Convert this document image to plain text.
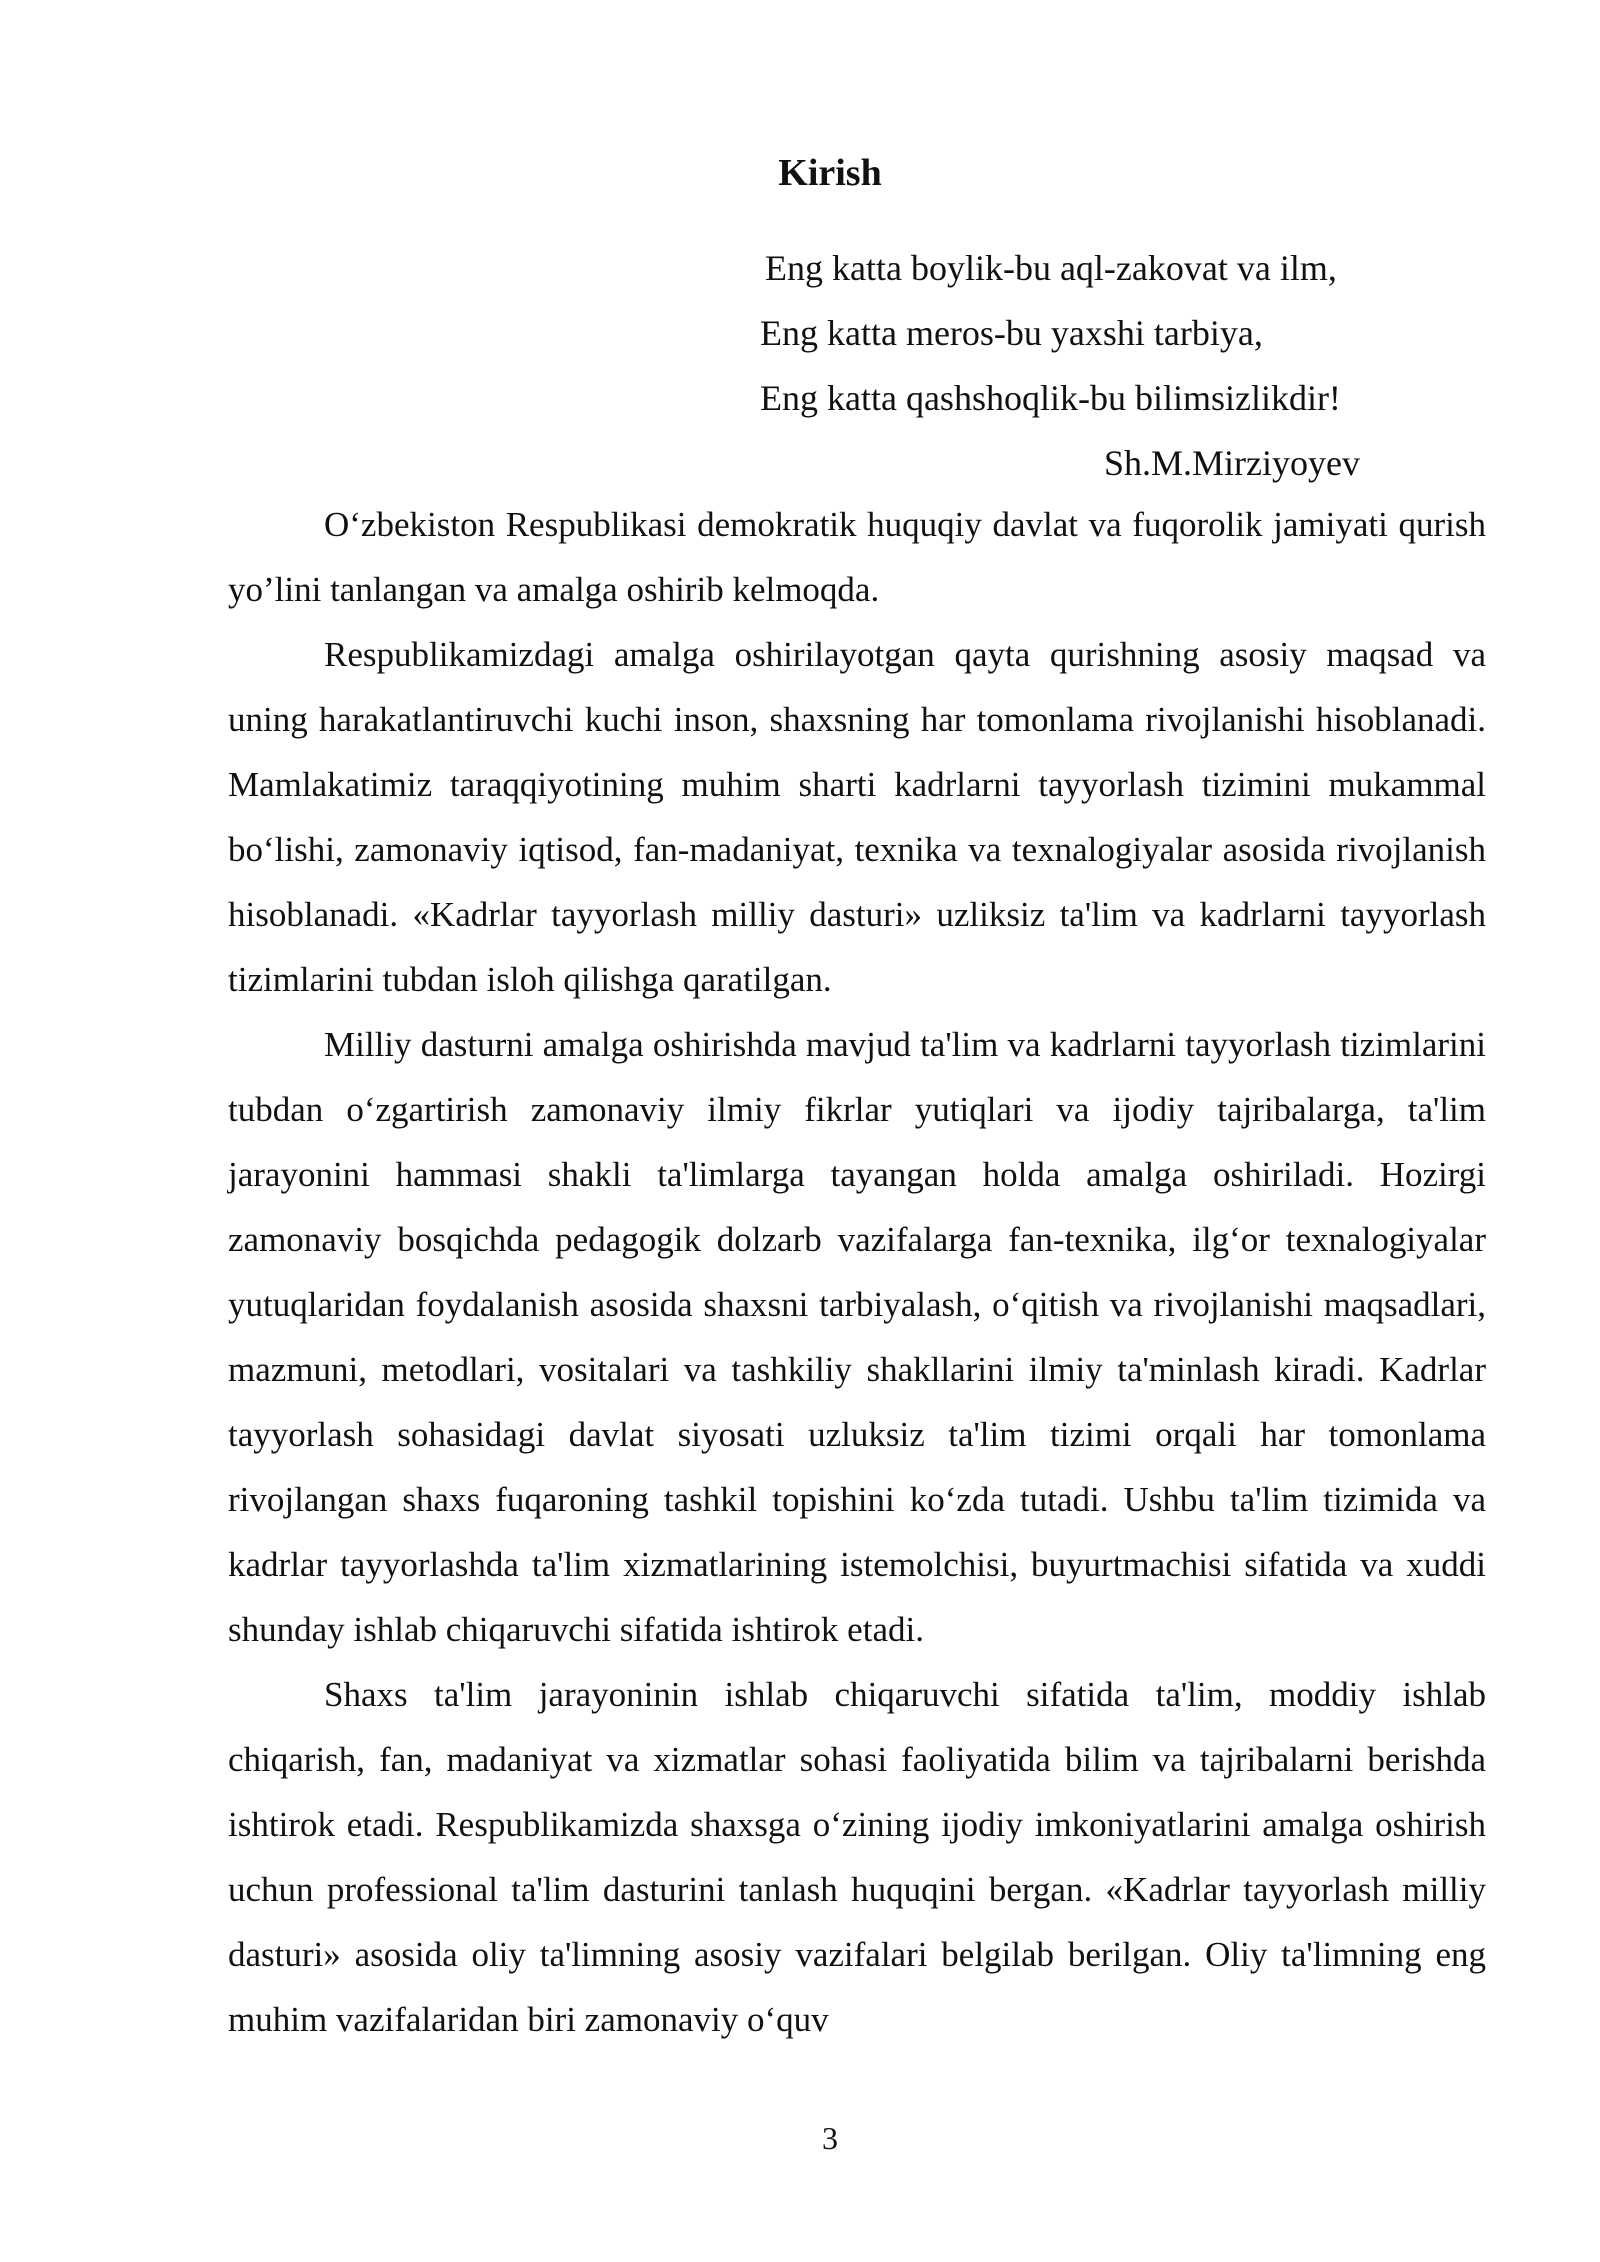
Kirish
Eng katta boylik-bu aql-zakovat va ilm,
Eng katta meros-bu yaxshi tarbiya,
Eng katta qashshoqlik-bu bilimsizlikdir!
Sh.M.Mirziyoyev

O‘zbekiston Respublikasi demokratik huquqiy davlat va fuqorolik jamiyati qurish yo’lini tanlangan va amalga oshirib kelmoqda.

Respublikamizdagi amalga oshirilayotgan qayta qurishning asosiy maqsad va uning harakatlantiruvchi kuchi inson, shaxsning har tomonlama rivojlanishi hisoblanadi. Mamlakatimiz taraqqiyotining muhim sharti kadrlarni tayyorlash tizimini mukammal bo‘lishi, zamonaviy iqtisod, fan-madaniyat, texnika va texnalogiyalar asosida rivojlanish hisoblanadi. «Kadrlar tayyorlash milliy dasturi» uzliksiz ta'lim va kadrlarni tayyorlash tizimlarini tubdan isloh qilishga qaratilgan.

Milliy dasturni amalga oshirishda mavjud ta'lim va kadrlarni tayyorlash tizimlarini tubdan o‘zgartirish zamonaviy ilmiy fikrlar yutiqlari va ijodiy tajribalarga, ta'lim jarayonini hammasi shakli ta'limlarga tayangan holda amalga oshiriladi. Hozirgi zamonaviy bosqichda pedagogik dolzarb vazifalarga fan-texnika, ilg‘or texnalogiyalar yutuqlaridan foydalanish asosida shaxsni tarbiyalash, o‘qitish va rivojlanishi maqsadlari, mazmuni, metodlari, vositalari va tashkiliy shakllarini ilmiy ta'minlash kiradi. Kadrlar tayyorlash sohasidagi davlat siyosati uzluksiz ta'lim tizimi orqali har tomonlama rivojlangan shaxs fuqaroning tashkil topishini ko‘zda tutadi. Ushbu ta'lim tizimida va kadrlar tayyorlashda ta'lim xizmatlarining istemolchisi, buyurtmachisi sifatida va xuddi shunday ishlab chiqaruvchi sifatida ishtirok etadi.

Shaxs ta'lim jarayoninin ishlab chiqaruvchi sifatida ta'lim, moddiy ishlab chiqarish, fan, madaniyat va xizmatlar sohasi faoliyatida bilim va tajribalarni berishda ishtirok etadi. Respublikamizda shaxsga o‘zining ijodiy imkoniyatlarini amalga oshirish uchun professional ta'lim dasturini tanlash huquqini bergan. «Kadrlar tayyorlash milliy dasturi» asosida oliy ta'limning asosiy vazifalari belgilab berilgan. Oliy ta'limning eng muhim vazifalaridan biri zamonaviy o‘quv

3
